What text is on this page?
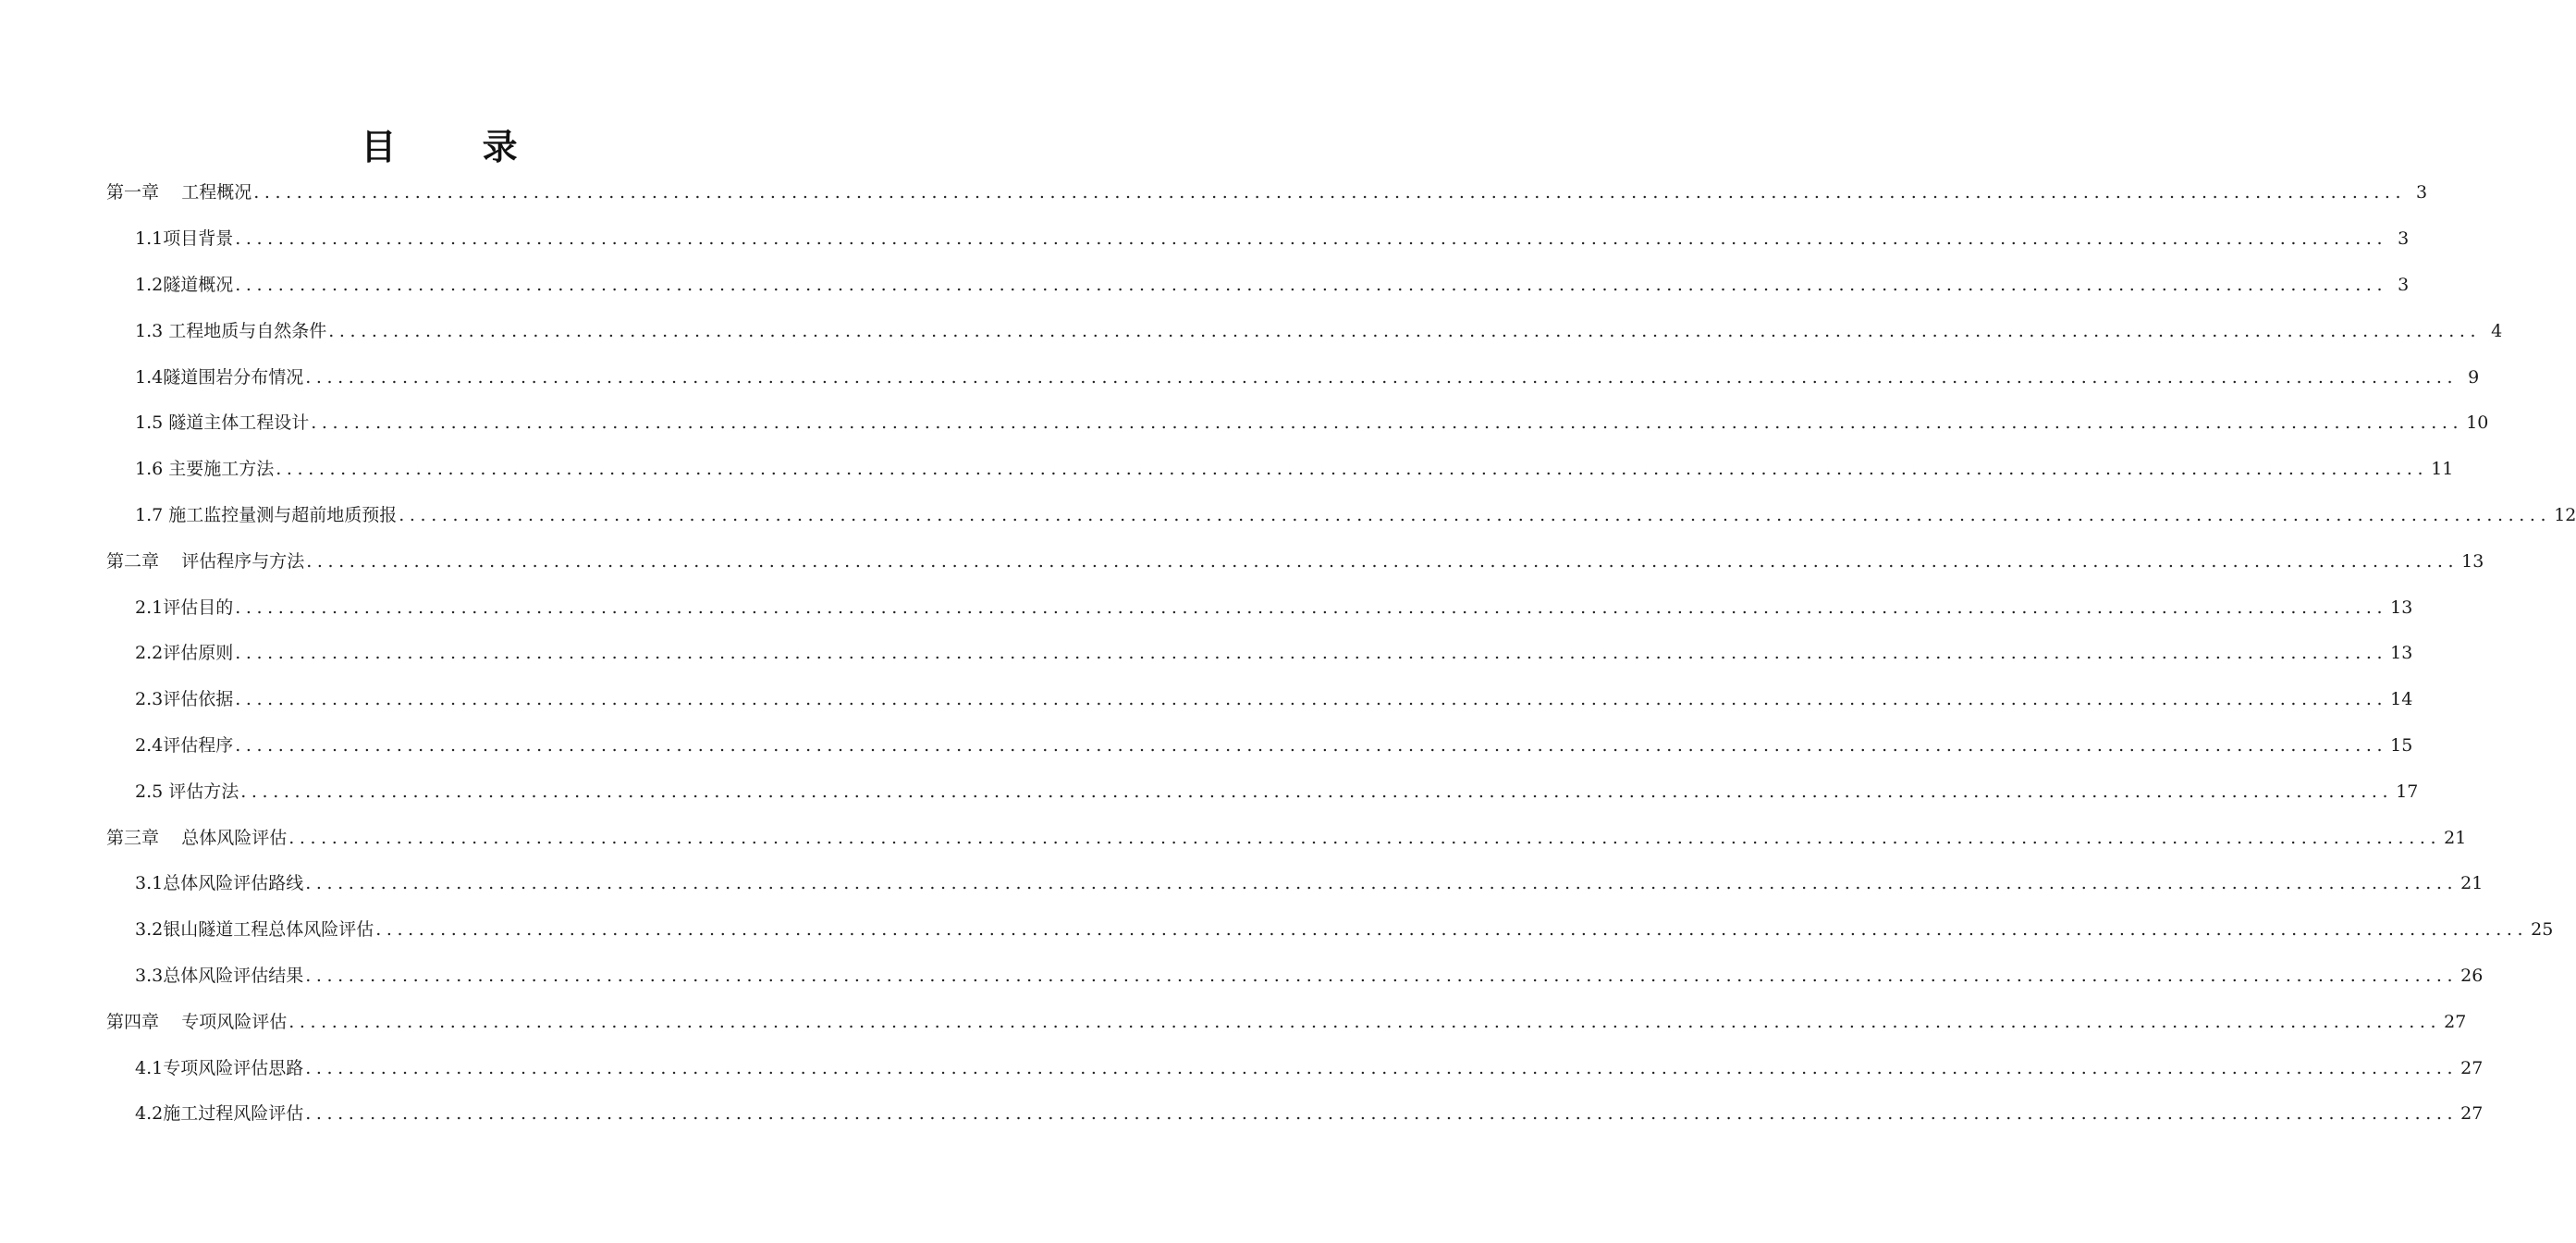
目 录
第一章
工程概况 ........................................................................................................................................................................................................ 3
1.1 项目背景 ........................................................................................................................................................................................................ 3
1.2 隧道概况 ........................................................................................................................................................................................................ 3
1.3
工程地质与自然条件 ........................................................................................................................................................................................................ 4
1.4 隧道围岩分布情况 ........................................................................................................................................................................................................ 9
1.5
隧道主体工程设计 ........................................................................................................................................................................................................ 10
1.6
主要施工方法 ........................................................................................................................................................................................................ 11
1.7
施工监控量测与超前地质预报 ........................................................................................................................................................................................................ 12
第二章
评估程序与方法 ........................................................................................................................................................................................................ 13
2.1 评估目的 ........................................................................................................................................................................................................ 13
2.2 评估原则 ........................................................................................................................................................................................................ 13
2.3 评估依据 ........................................................................................................................................................................................................ 14
2.4 评估程序 ........................................................................................................................................................................................................ 15
2.5
评估方法 ........................................................................................................................................................................................................ 17
第三章
总体风险评估 ........................................................................................................................................................................................................ 21
3.1 总体风险评估路线 ........................................................................................................................................................................................................ 21
3.2 银山隧道工程总体风险评估 ........................................................................................................................................................................................................ 25
3.3 总体风险评估结果 ........................................................................................................................................................................................................ 26
第四章
专项风险评估 ........................................................................................................................................................................................................ 27
4.1 专项风险评估思路 ........................................................................................................................................................................................................ 27
4.2 施工过程风险评估 ........................................................................................................................................................................................................ 27
